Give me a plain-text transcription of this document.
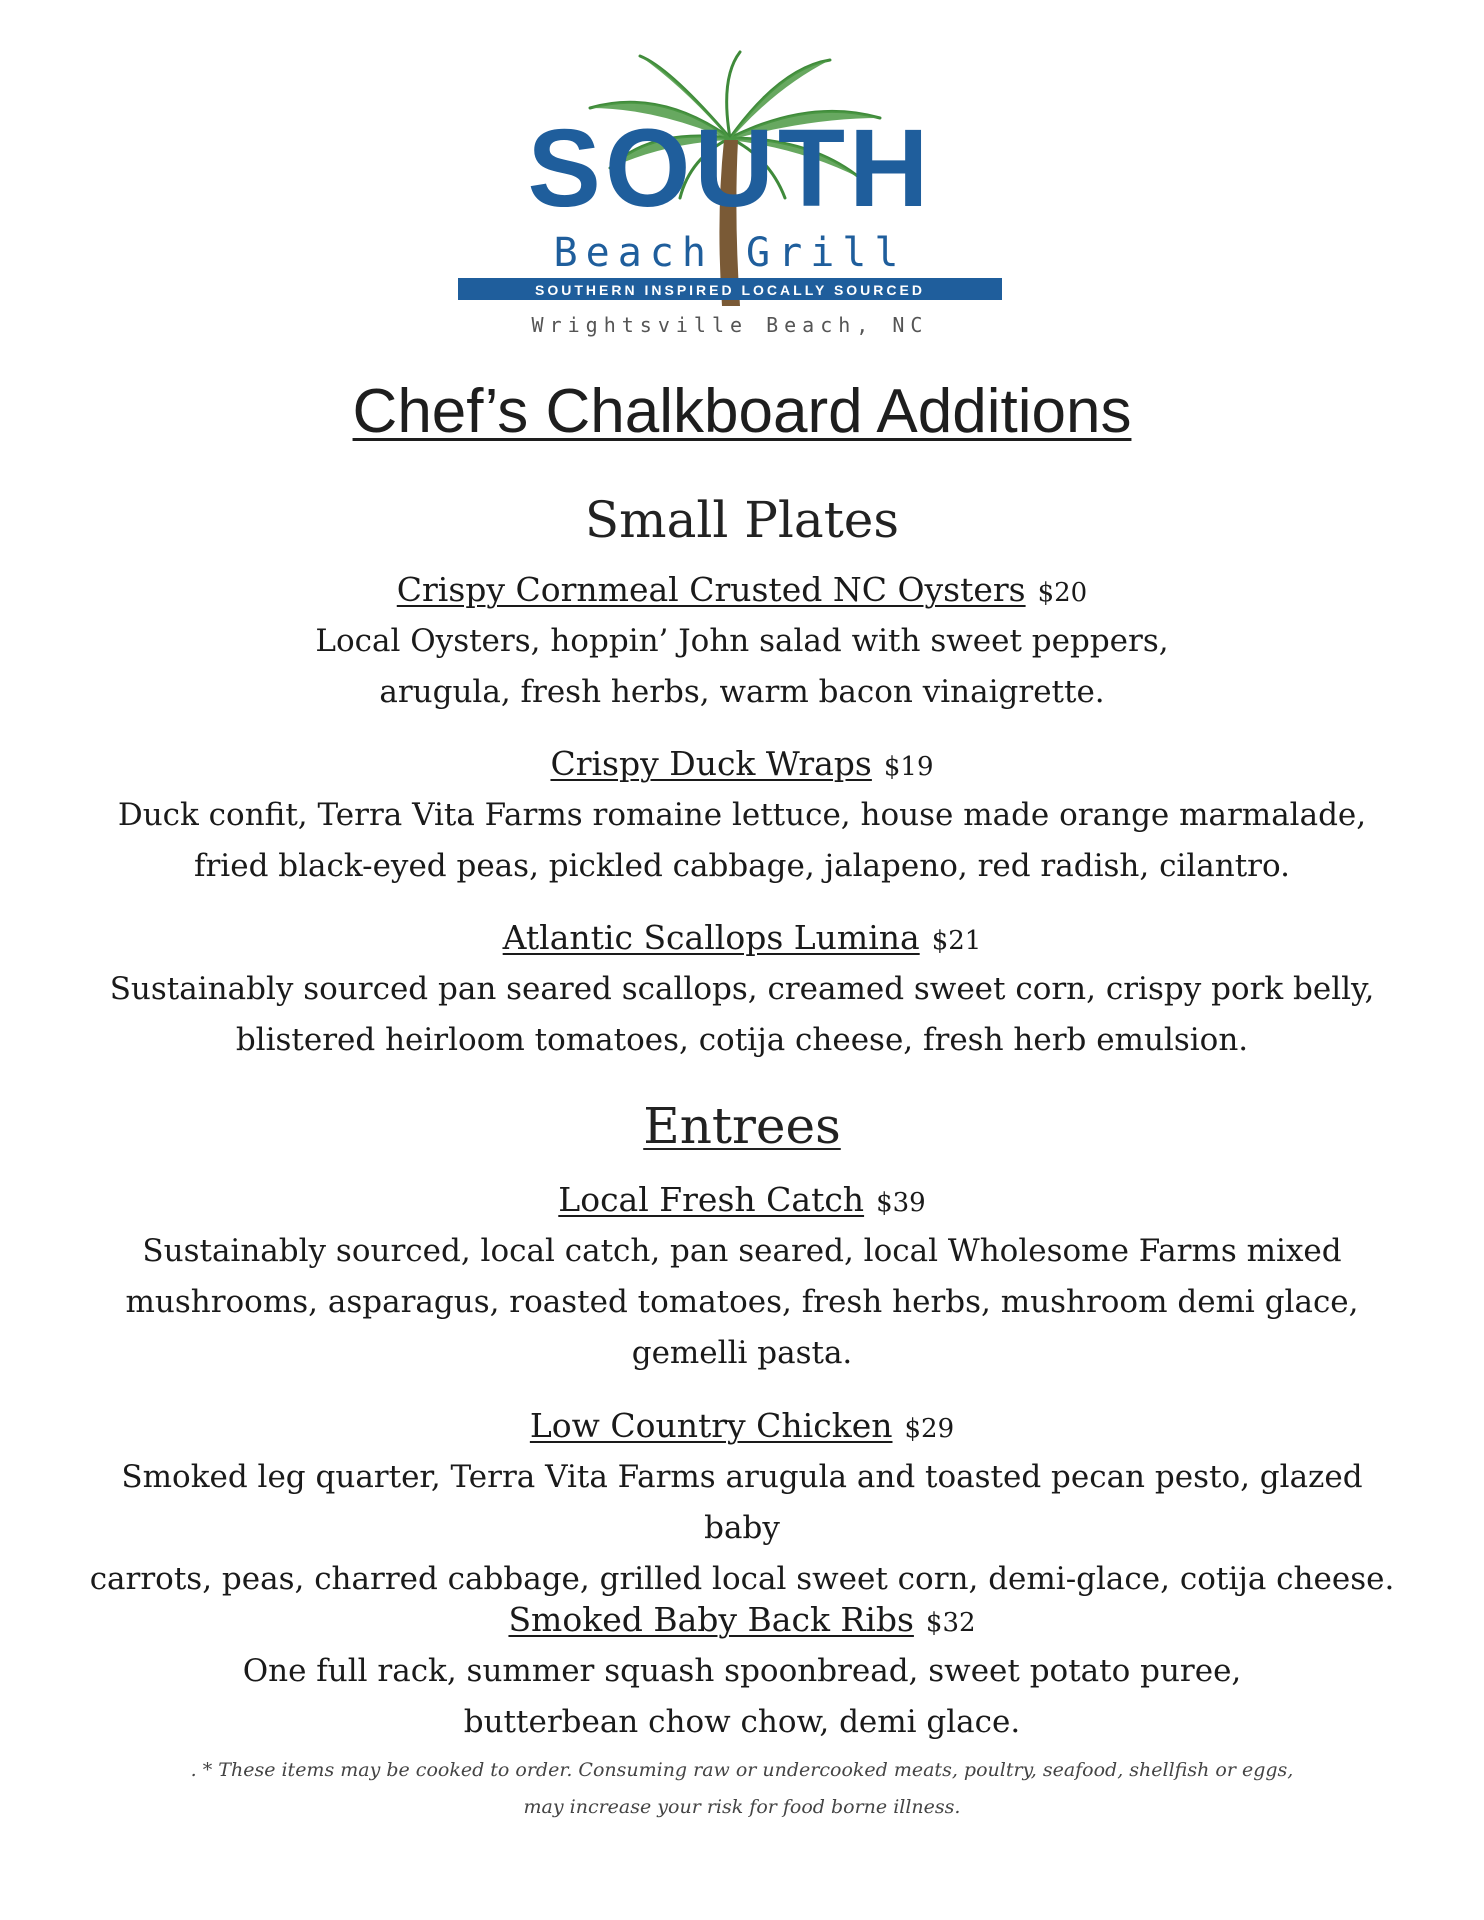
SOUTH
Beach Grill
SOUTHERN INSPIRED LOCALLY SOURCED
Wrightsville Beach, NC
Chef’s Chalkboard Additions
Small Plates
Crispy Cornmeal Crusted NC Oysters $20
Local Oysters, hoppin’ John salad with sweet peppers,
arugula, fresh herbs, warm bacon vinaigrette.
Crispy Duck Wraps $19
Duck confit, Terra Vita Farms romaine lettuce, house made orange marmalade,
fried black-eyed peas, pickled cabbage, jalapeno, red radish, cilantro.
Atlantic Scallops Lumina $21
Sustainably sourced pan seared scallops, creamed sweet corn, crispy pork belly,
blistered heirloom tomatoes, cotija cheese, fresh herb emulsion.
Entrees
Local Fresh Catch $39
Sustainably sourced, local catch, pan seared, local Wholesome Farms mixed
mushrooms, asparagus, roasted tomatoes, fresh herbs, mushroom demi glace,
gemelli pasta.
Low Country Chicken $29
Smoked leg quarter, Terra Vita Farms arugula and toasted pecan pesto, glazed baby
carrots, peas, charred cabbage, grilled local sweet corn, demi-glace, cotija cheese.
Smoked Baby Back Ribs $32
One full rack, summer squash spoonbread, sweet potato puree,
butterbean chow chow, demi glace.
. * These items may be cooked to order. Consuming raw or undercooked meats, poultry, seafood, shellfish or eggs,
may increase your risk for food borne illness.
